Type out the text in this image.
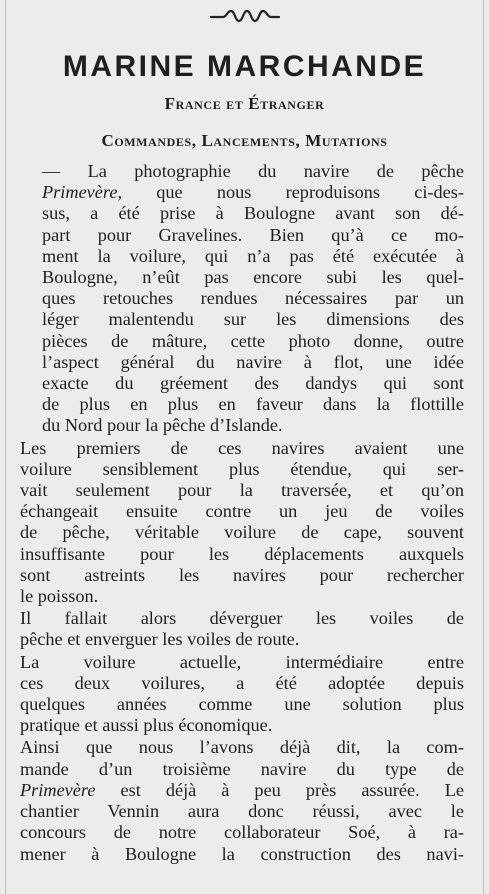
MARINE MARCHANDE
France et Étranger
Commandes, Lancements, Mutations

— La photographie du navire de pêche
Primevère, que nous reproduisons ci-des-
sus, a été prise à Boulogne avant son dé-
part pour Gravelines. Bien qu’à ce mo-
ment la voilure, qui n’a pas été exécutée à
Boulogne, n’eût pas encore subi les quel-
ques retouches rendues nécessaires par un
léger malentendu sur les dimensions des
pièces de mâture, cette photo donne, outre
l’aspect général du navire à flot, une idée
exacte du gréement des dandys qui sont
de plus en plus en faveur dans la flottille
du Nord pour la pêche d’Islande.

Les premiers de ces navires avaient une
voilure sensiblement plus étendue, qui ser-
vait seulement pour la traversée, et qu’on
échangeait ensuite contre un jeu de voiles
de pêche, véritable voilure de cape, souvent
insuffisante pour les déplacements auxquels
sont astreints les navires pour rechercher
le poisson.

Il fallait alors déverguer les voiles de
pêche et enverguer les voiles de route.

La voilure actuelle, intermédiaire entre
ces deux voilures, a été adoptée depuis
quelques années comme une solution plus
pratique et aussi plus économique.

Ainsi que nous l’avons déjà dit, la com-
mande d’un troisième navire du type de
Primevère est déjà à peu près assurée. Le
chantier Vennin aura donc réussi, avec le
concours de notre collaborateur Soé, à ra-
mener à Boulogne la construction des navi-
